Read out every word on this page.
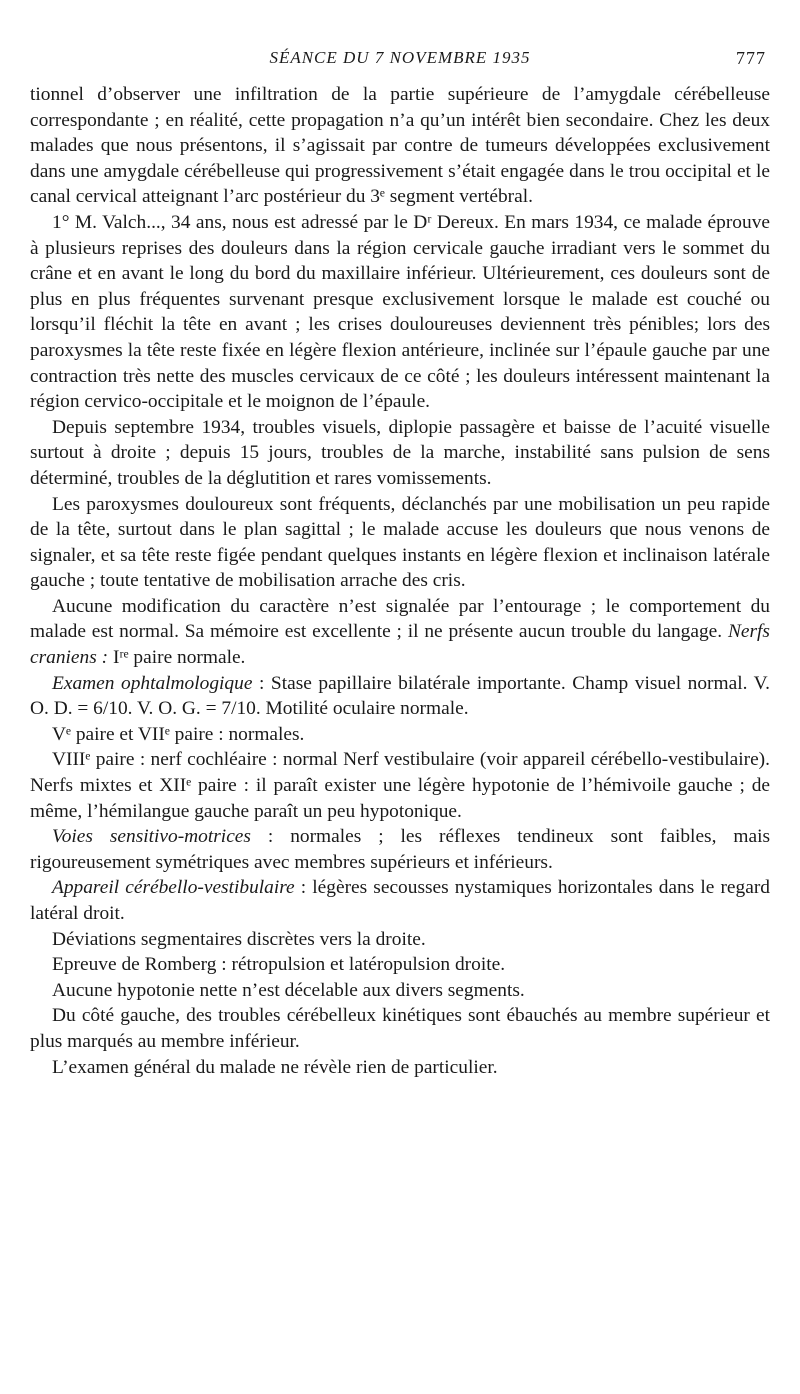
SÉANCE DU 7 NOVEMBRE 1935	777

tionnel d’observer une infiltration de la partie supérieure de l’amygdale cérébelleuse correspondante ; en réalité, cette propagation n’a qu’un intérêt bien secondaire. Chez les deux malades que nous présentons, il s’agissait par contre de tumeurs développées exclusivement dans une amygdale cérébelleuse qui progressivement s’était engagée dans le trou occipital et le canal cervical atteignant l’arc postérieur du 3ᵉ segment vertébral.

1° M. Valch..., 34 ans, nous est adressé par le Dʳ Dereux. En mars 1934, ce malade éprouve à plusieurs reprises des douleurs dans la région cervicale gauche irradiant vers le sommet du crâne et en avant le long du bord du maxillaire inférieur. Ultérieurement, ces douleurs sont de plus en plus fréquentes survenant presque exclusivement lorsque le malade est couché ou lorsqu’il fléchit la tête en avant ; les crises douloureuses deviennent très pénibles; lors des paroxysmes la tête reste fixée en légère flexion antérieure, inclinée sur l’épaule gauche par une contraction très nette des muscles cervicaux de ce côté ; les douleurs intéressent maintenant la région cervico-occipitale et le moignon de l’épaule.

Depuis septembre 1934, troubles visuels, diplopie passagère et baisse de l’acuité visuelle surtout à droite ; depuis 15 jours, troubles de la marche, instabilité sans pulsion de sens déterminé, troubles de la déglutition et rares vomissements.

Les paroxysmes douloureux sont fréquents, déclanchés par une mobilisation un peu rapide de la tête, surtout dans le plan sagittal ; le malade accuse les douleurs que nous venons de signaler, et sa tête reste figée pendant quelques instants en légère flexion et inclinaison latérale gauche ; toute tentative de mobilisation arrache des cris.

Aucune modification du caractère n’est signalée par l’entourage ; le comportement du malade est normal. Sa mémoire est excellente ; il ne présente aucun trouble du langage. Nerfs craniens : Iʳᵉ paire normale.

Examen ophtalmologique : Stase papillaire bilatérale importante. Champ visuel normal. V. O. D. = 6/10. V. O. G. = 7/10. Motilité oculaire normale.

Vᵉ paire et VIIᵉ paire : normales.

VIIIᵉ paire : nerf cochléaire : normal Nerf vestibulaire (voir appareil cérébello-vestibulaire). Nerfs mixtes et XIIᵉ paire : il paraît exister une légère hypotonie de l’hémivoile gauche ; de même, l’hémilangue gauche paraît un peu hypotonique.

Voies sensitivo-motrices : normales ; les réflexes tendineux sont faibles, mais rigoureusement symétriques avec membres supérieurs et inférieurs.

Appareil cérébello-vestibulaire : légères secousses nystamiques horizontales dans le regard latéral droit.

Déviations segmentaires discrètes vers la droite.

Epreuve de Romberg : rétropulsion et latéropulsion droite.

Aucune hypotonie nette n’est décelable aux divers segments.

Du côté gauche, des troubles cérébelleux kinétiques sont ébauchés au membre supérieur et plus marqués au membre inférieur.

L’examen général du malade ne révèle rien de particulier.
